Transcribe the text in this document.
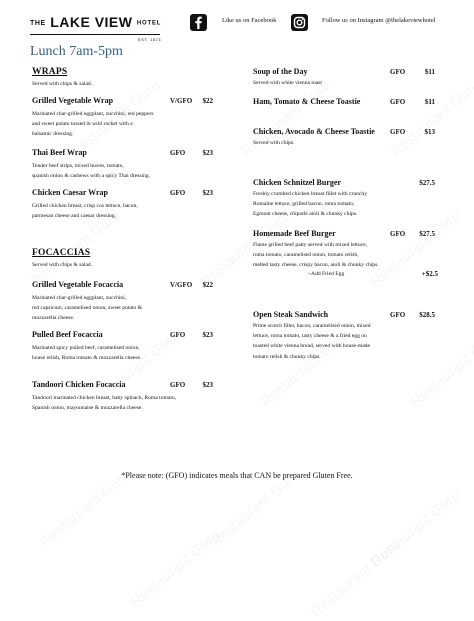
THE LAKE VIEW HOTEL
EST. 1873
Like us on Facebook	Follow us on Instagram @thelakeviewhotel
Lunch 7am-5pm
WRAPS
Served with chips & salad.
Grilled Vegetable Wrap	V/GFO	$22
Marinated char-grilled eggplant, zucchini, red peppers
and sweet potato tossed in wild rocket with a
balsamic dressing.
Thai Beef Wrap	GFO	$23
Tender beef strips, mixed leaves, tomato,
spanish onion & cashews with a spicy Thai dressing.
Chicken Caesar Wrap	GFO	$23
Grilled chicken breast, crisp cos lettuce, bacon,
parmesan cheese and caesar dressing.
FOCACCIAS
Served with chips & salad.
Grilled Vegetable Focaccia	V/GFO	$22
Marinated char-grilled eggplant, zucchini,
red capsicum, caramelised onion, sweet potato &
mozzarella cheese.
Pulled Beef Focaccia	GFO	$23
Marinated spicy pulled beef, caramelised onion,
house relish, Roma tomato & mozzarella cheese.
Tandoori Chicken Focaccia	GFO	$23
Tandoori marinated chicken breast, baby spinach, Roma tomato,
Spanish onion, mayonnaise & mozzarella cheese.
Soup of the Day	GFO	$11
Served with white vienna toast
Ham, Tomato & Cheese Toastie	GFO	$11
Chicken, Avocado & Cheese Toastie	GFO	$13
Served with chips.
Chicken Schnitzel Burger	$27.5
Freshly crumbed chicken breast fillet with crunchy
Romaine lettuce, grilled bacon, roma tomato,
Egmont cheese, chipotle aioli & chunky chips.
Homemade Beef Burger	GFO	$27.5
Flame grilled beef patty served with mixed lettuce,
roma tomato, caramelised onion, tomato relish,
melted tasty cheese, crispy bacon, aioli & chunky chips.
~Add Fried Egg	+$2.5
Open Steak Sandwich	GFO	$28.5
Prime scotch fillet, bacon, caramelised onion, mixed
lettuce, roma tomato, tasty cheese & a fried egg on
toasted white vienna bread, served with house-made
tomato relish & chunky chips.
*Please note: (GFO) indicates meals that CAN be prepared Gluten Free.
